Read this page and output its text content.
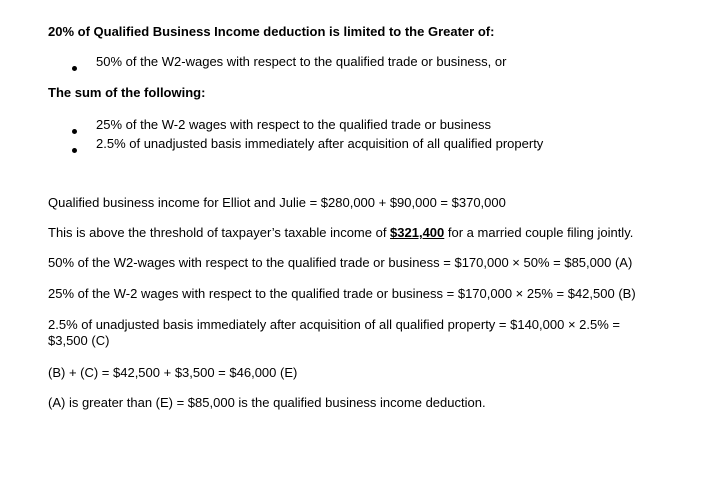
20% of Qualified Business Income deduction is limited to the Greater of:
50% of the W2-wages with respect to the qualified trade or business, or
The sum of the following:
25% of the W-2 wages with respect to the qualified trade or business
2.5% of unadjusted basis immediately after acquisition of all qualified property
Qualified business income for Elliot and Julie = $280,000 + $90,000 = $370,000
This is above the threshold of taxpayer’s taxable income of $321,400 for a married couple filing jointly.
50% of the W2-wages with respect to the qualified trade or business = $170,000 × 50% = $85,000 (A)
25% of the W-2 wages with respect to the qualified trade or business = $170,000 × 25% = $42,500 (B)
2.5% of unadjusted basis immediately after acquisition of all qualified property = $140,000 × 2.5% =
$3,500 (C)
(B) + (C) = $42,500 + $3,500 = $46,000 (E)
(A) is greater than (E) = $85,000 is the qualified business income deduction.
